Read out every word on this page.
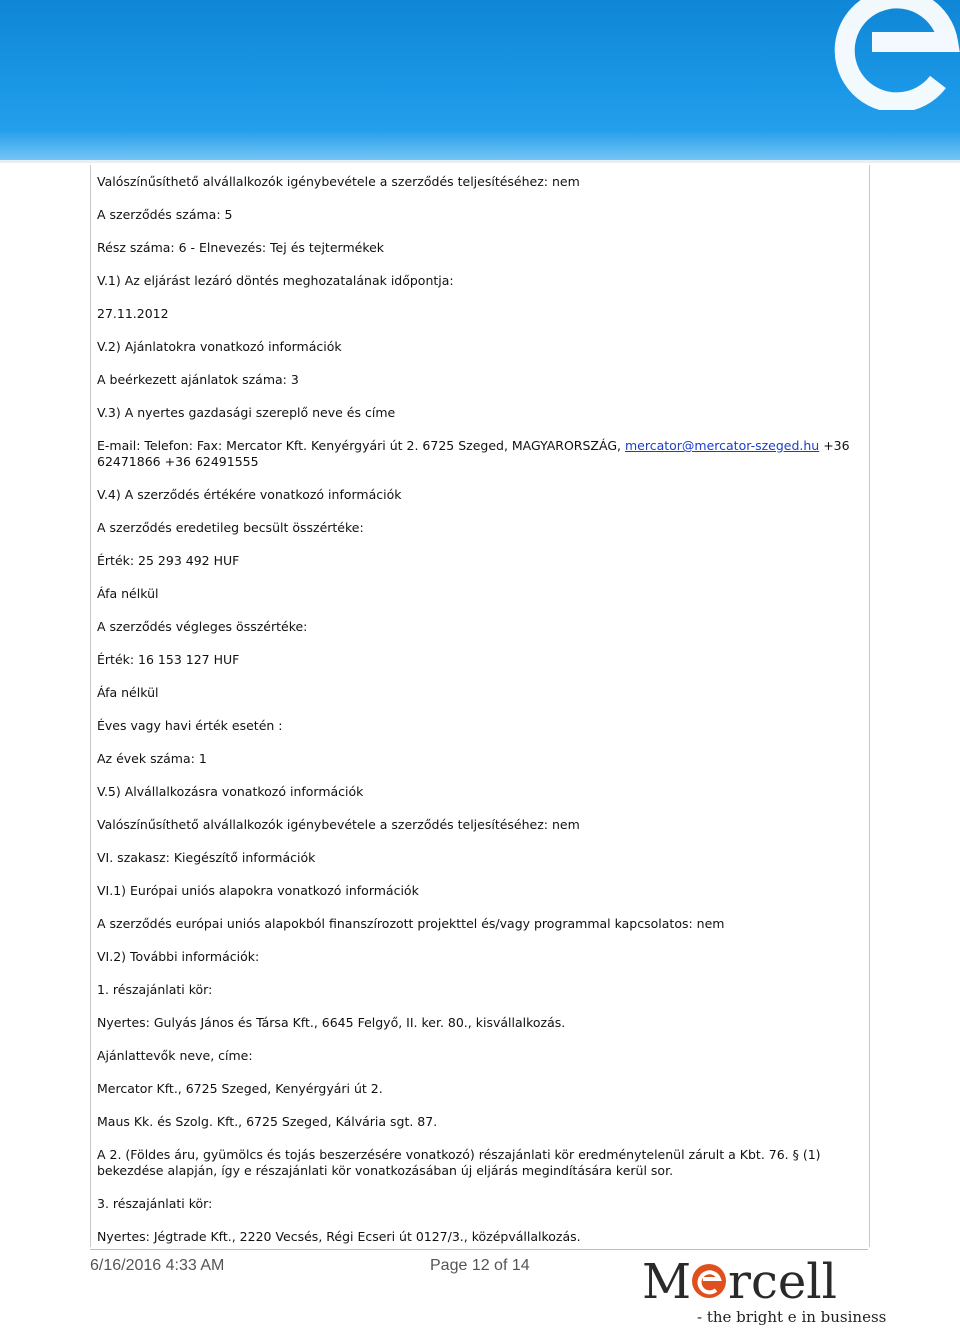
Valószínűsíthető alvállalkozók igénybevétele a szerződés teljesítéséhez: nem
A szerződés száma: 5
Rész száma: 6 - Elnevezés: Tej és tejtermékek
V.1) Az eljárást lezáró döntés meghozatalának időpontja:
27.11.2012
V.2) Ajánlatokra vonatkozó információk
A beérkezett ajánlatok száma: 3
V.3) A nyertes gazdasági szereplő neve és címe
E-mail: Telefon: Fax: Mercator Kft. Kenyérgyári út 2. 6725 Szeged, MAGYARORSZÁG, mercator@mercator-szeged.hu +36 62471866 +36 62491555
V.4) A szerződés értékére vonatkozó információk
A szerződés eredetileg becsült összértéke:
Érték: 25 293 492 HUF
Áfa nélkül
A szerződés végleges összértéke:
Érték: 16 153 127 HUF
Áfa nélkül
Éves vagy havi érték esetén :
Az évek száma: 1
V.5) Alvállalkozásra vonatkozó információk
Valószínűsíthető alvállalkozók igénybevétele a szerződés teljesítéséhez: nem
VI. szakasz: Kiegészítő információk
VI.1) Európai uniós alapokra vonatkozó információk
A szerződés európai uniós alapokból finanszírozott projekttel és/vagy programmal kapcsolatos: nem
VI.2) További információk:
1. részajánlati kör:
Nyertes: Gulyás János és Társa Kft., 6645 Felgyő, II. ker. 80., kisvállalkozás.
Ajánlattevők neve, címe:
Mercator Kft., 6725 Szeged, Kenyérgyári út 2.
Maus Kk. és Szolg. Kft., 6725 Szeged, Kálvária sgt. 87.
A 2. (Földes áru, gyümölcs és tojás beszerzésére vonatkozó) részajánlati kör eredménytelenül zárult a Kbt. 76. § (1) bekezdése alapján, így e részajánlati kör vonatkozásában új eljárás megindítására kerül sor.
3. részajánlati kör:
Nyertes: Jégtrade Kft., 2220 Vecsés, Régi Ecseri út 0127/3., középvállalkozás.
6/16/2016 4:33 AM	Page 12 of 14 M rcell
- the bright e in business
